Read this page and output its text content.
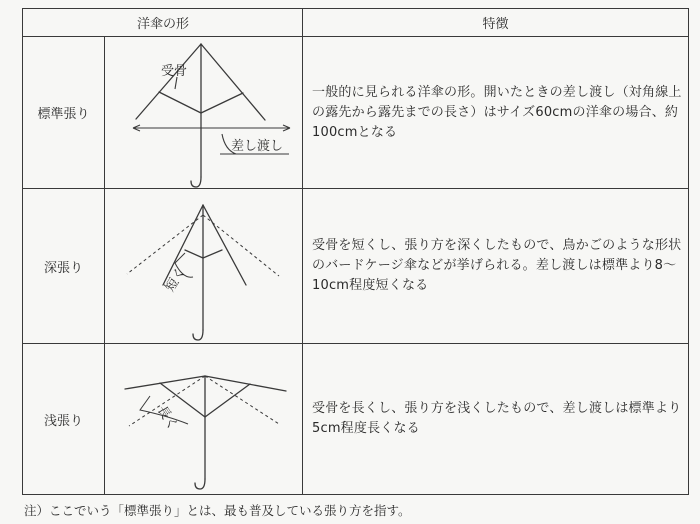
洋傘の形	特徴
標準張り
一般的に見られる洋傘の形。開いたときの差し渡し（対角線上の露先から露先までの長さ）はサイズ60cmの洋傘の場合、約100cmとなる
深張り
受骨を短くし、張り方を深くしたもので、鳥かごのような形状のバードケージ傘などが挙げられる。差し渡しは標準より8〜10cm程度短くなる
浅張り
受骨を長くし、張り方を浅くしたもので、差し渡しは標準より5cm程度長くなる
受骨
差し渡し
短く
長く
注）ここでいう「標準張り」とは、最も普及している張り方を指す。
